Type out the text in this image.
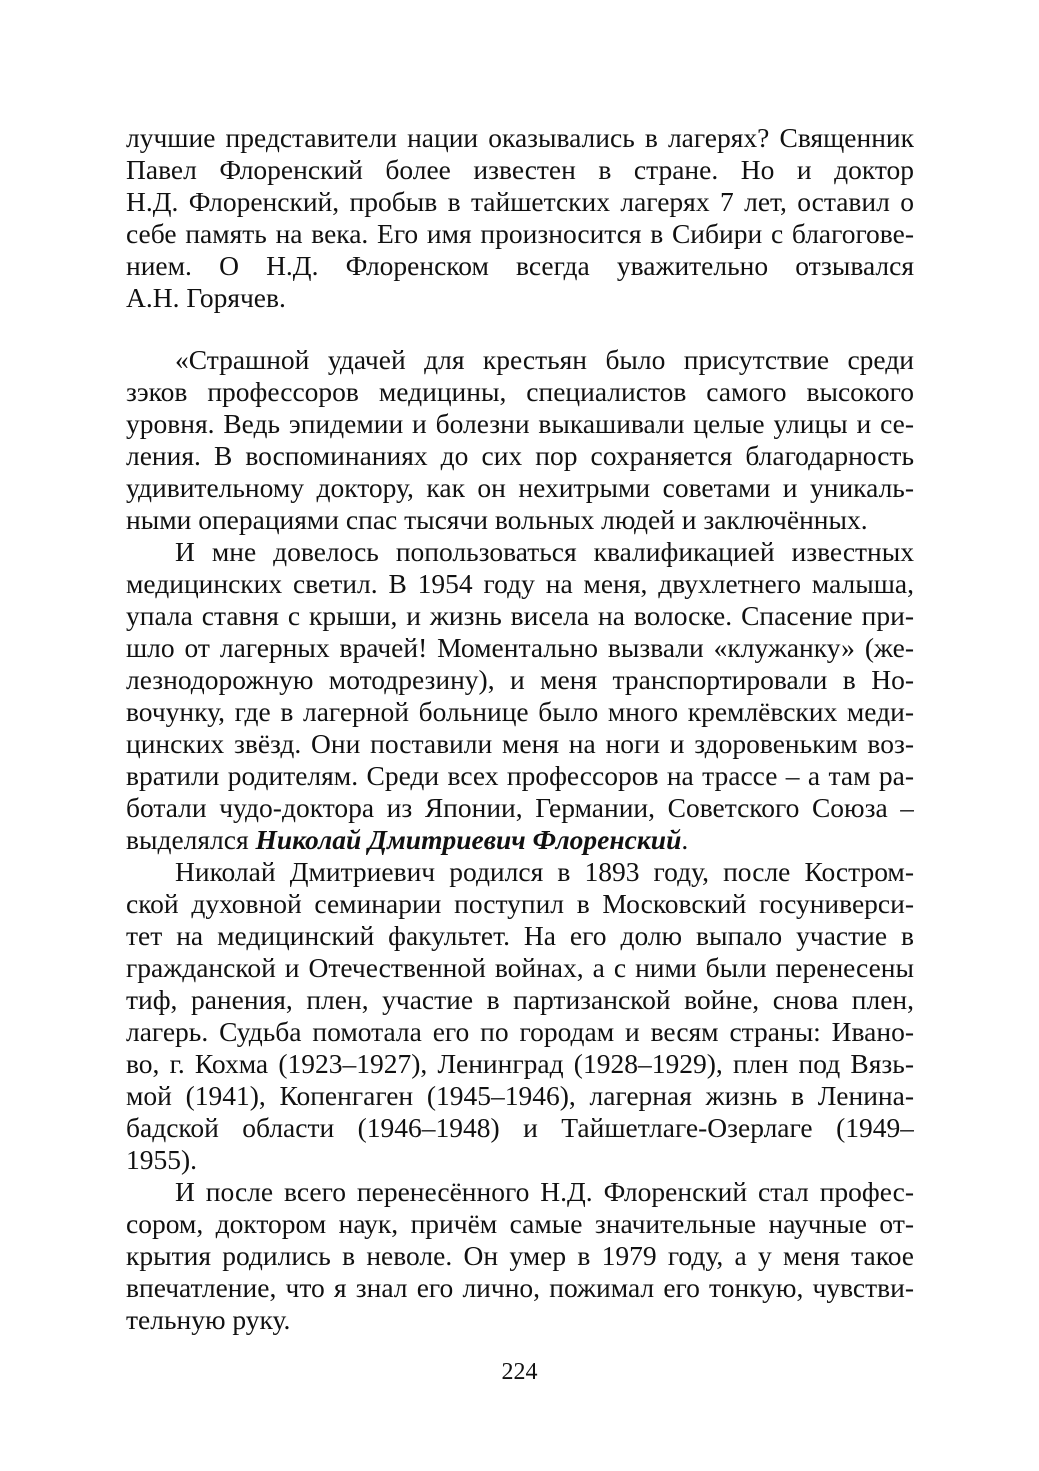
лучшие представители нации оказывались в лагерях? Священник
Павел Флоренский более известен в стране. Но и доктор
Н.Д. Флоренский, пробыв в тайшетских лагерях 7 лет, оставил о
себе память на века. Его имя произносится в Сибири с благогове-
нием. О Н.Д. Флоренском всегда уважительно отзывался
А.Н. Горячев.
«Страшной удачей для крестьян было присутствие среди
зэков профессоров медицины, специалистов самого высокого
уровня. Ведь эпидемии и болезни выкашивали целые улицы и се-
ления. В воспоминаниях до сих пор сохраняется благодарность
удивительному доктору, как он нехитрыми советами и уникаль-
ными операциями спас тысячи вольных людей и заключённых.
И мне довелось попользоваться квалификацией известных
медицинских светил. В 1954 году на меня, двухлетнего малыша,
упала ставня с крыши, и жизнь висела на волоске. Спасение при-
шло от лагерных врачей! Моментально вызвали «клужанку» (же-
лезнодорожную мотодрезину), и меня транспортировали в Но-
вочунку, где в лагерной больнице было много кремлёвских меди-
цинских звёзд. Они поставили меня на ноги и здоровеньким воз-
вратили родителям. Среди всех профессоров на трассе – а там ра-
ботали чудо-доктора из Японии, Германии, Советского Союза –
выделялся Николай Дмитриевич Флоренский.
Николай Дмитриевич родился в 1893 году, после Костром-
ской духовной семинарии поступил в Московский госуниверси-
тет на медицинский факультет. На его долю выпало участие в
гражданской и Отечественной войнах, а с ними были перенесены
тиф, ранения, плен, участие в партизанской войне, снова плен,
лагерь. Судьба помотала его по городам и весям страны: Ивано-
во, г. Кохма (1923–1927), Ленинград (1928–1929), плен под Вязь-
мой (1941), Копенгаген (1945–1946), лагерная жизнь в Ленина-
бадской области (1946–1948) и Тайшетлаге-Озерлаге (1949–
1955).
И после всего перенесённого Н.Д. Флоренский стал профес-
сором, доктором наук, причём самые значительные научные от-
крытия родились в неволе. Он умер в 1979 году, а у меня такое
впечатление, что я знал его лично, пожимал его тонкую, чувстви-
тельную руку.
224
